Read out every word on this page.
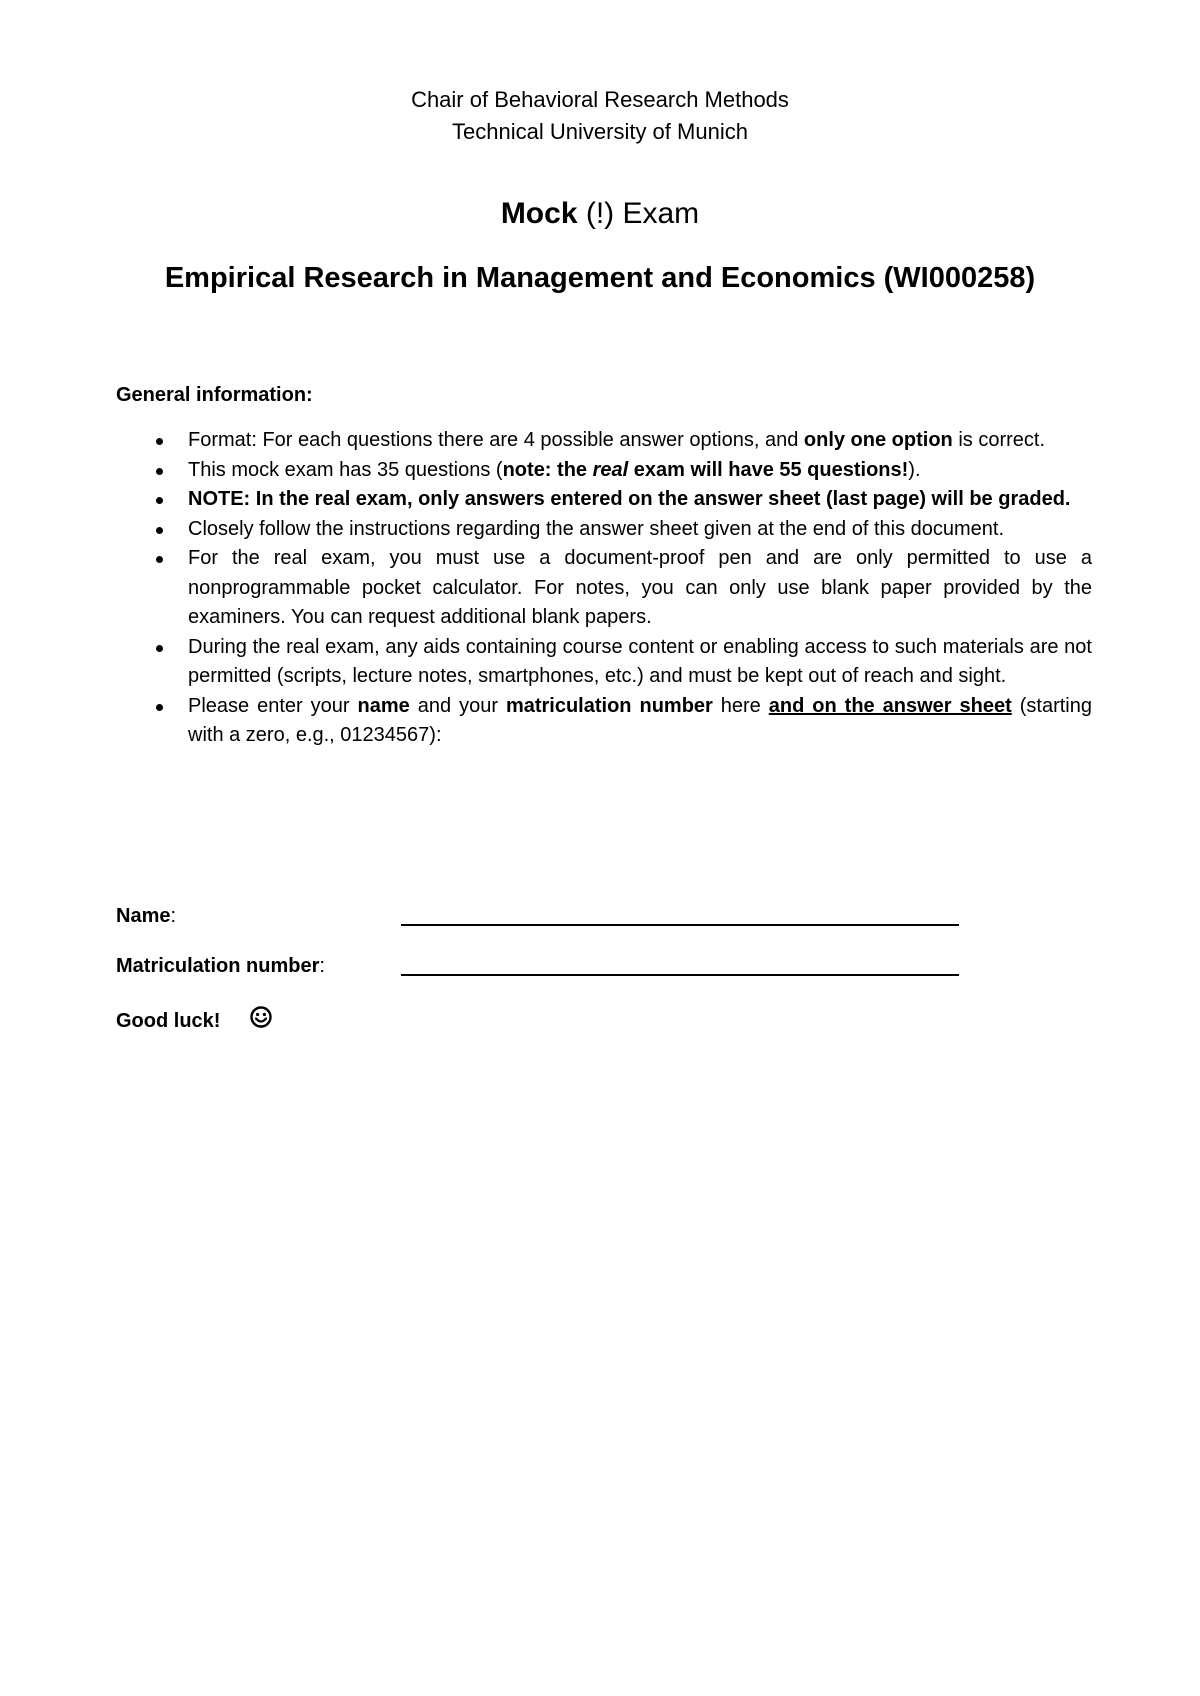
Chair of Behavioral Research Methods
Technical University of Munich
Mock (!) Exam
Empirical Research in Management and Economics (WI000258)
General information:
Format: For each questions there are 4 possible answer options, and only one option is correct.
This mock exam has 35 questions (note: the real exam will have 55 questions!).
NOTE: In the real exam, only answers entered on the answer sheet (last page) will be graded.
Closely follow the instructions regarding the answer sheet given at the end of this document.
For the real exam, you must use a document-proof pen and are only permitted to use a nonprogrammable pocket calculator. For notes, you can only use blank paper provided by the examiners. You can request additional blank papers.
During the real exam, any aids containing course content or enabling access to such materials are not permitted (scripts, lecture notes, smartphones, etc.) and must be kept out of reach and sight.
Please enter your name and your matriculation number here and on the answer sheet (starting with a zero, e.g., 01234567):
Name:
Matriculation number:
Good luck!
